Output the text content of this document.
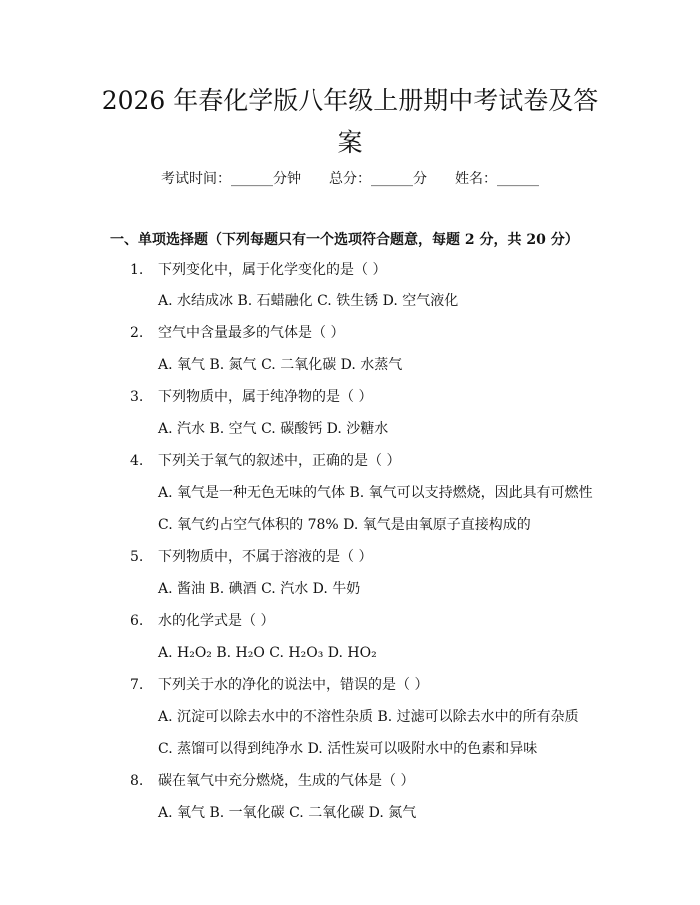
2026 年春化学版八年级上册期中考试卷及答
案
考试时间：______分钟 总分：______分 姓名：______
一、单项选择题（下列每题只有一个选项符合题意，每题 2 分，共 20 分）
1.	下列变化中，属于化学变化的是（ ）
A. 水结成冰 B. 石蜡融化 C. 铁生锈 D. 空气液化
2.	空气中含量最多的气体是（ ）
A. 氧气 B. 氮气 C. 二氧化碳 D. 水蒸气
3.	下列物质中，属于纯净物的是（ ）
A. 汽水 B. 空气 C. 碳酸钙 D. 沙糖水
4.	下列关于氧气的叙述中，正确的是（ ）
A. 氧气是一种无色无味的气体 B. 氧气可以支持燃烧，因此具有可燃性
C. 氧气约占空气体积的 78% D. 氧气是由氧原子直接构成的
5.	下列物质中，不属于溶液的是（ ）
A. 酱油 B. 碘酒 C. 汽水 D. 牛奶
6.	水的化学式是（ ）
A. H₂O₂ B. H₂O C. H₂O₃ D. HO₂
7.	下列关于水的净化的说法中，错误的是（ ）
A. 沉淀可以除去水中的不溶性杂质 B. 过滤可以除去水中的所有杂质
C. 蒸馏可以得到纯净水 D. 活性炭可以吸附水中的色素和异味
8.	碳在氧气中充分燃烧，生成的气体是（ ）
A. 氧气 B. 一氧化碳 C. 二氧化碳 D. 氮气
